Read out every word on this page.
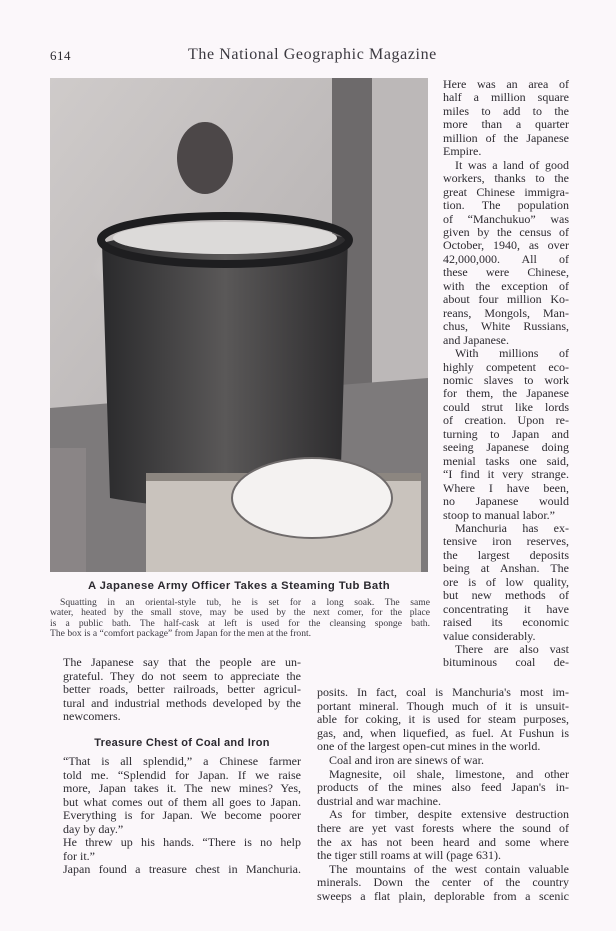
614	The National Geographic Magazine
A Japanese Army Officer Takes a Steaming Tub Bath
Squatting in an oriental-style tub, he is set for a long soak. The same
water, heated by the small stove, may be used by the next comer, for the place
is a public bath. The half-cask at left is used for the cleansing sponge bath.
The box is a “comfort package” from Japan for the men at the front.
Here was an area of
half a million square
miles to add to the
more than a quarter
million of the Japanese
Empire.
It was a land of good
workers, thanks to the
great Chinese immigra-
tion. The population
of “Manchukuo” was
given by the census of
October, 1940, as over
42,000,000. All of
these were Chinese,
with the exception of
about four million Ko-
reans, Mongols, Man-
chus, White Russians,
and Japanese.
With millions of
highly competent eco-
nomic slaves to work
for them, the Japanese
could strut like lords
of creation. Upon re-
turning to Japan and
seeing Japanese doing
menial tasks one said,
“I find it very strange.
Where I have been,
no Japanese would
stoop to manual labor.”
Manchuria has ex-
tensive iron reserves,
the largest deposits
being at Anshan. The
ore is of low quality,
but new methods of
concentrating it have
raised its economic
value considerably.
There are also vast
bituminous coal de-
The Japanese say that the people are un-
grateful. They do not seem to appreciate the
better roads, better railroads, better agricul-
tural and industrial methods developed by the
newcomers.
Treasure Chest of Coal and Iron
“That is all splendid,” a Chinese farmer
told me. “Splendid for Japan. If we raise
more, Japan takes it. The new mines? Yes,
but what comes out of them all goes to Japan.
Everything is for Japan. We become poorer
day by day.”
He threw up his hands. “There is no help
for it.”
Japan found a treasure chest in Manchuria.
posits. In fact, coal is Manchuria's most im-
portant mineral. Though much of it is unsuit-
able for coking, it is used for steam purposes,
gas, and, when liquefied, as fuel. At Fushun is
one of the largest open-cut mines in the world.
Coal and iron are sinews of war.
Magnesite, oil shale, limestone, and other
products of the mines also feed Japan's in-
dustrial and war machine.
As for timber, despite extensive destruction
there are yet vast forests where the sound of
the ax has not been heard and some where
the tiger still roams at will (page 631).
The mountains of the west contain valuable
minerals. Down the center of the country
sweeps a flat plain, deplorable from a scenic
